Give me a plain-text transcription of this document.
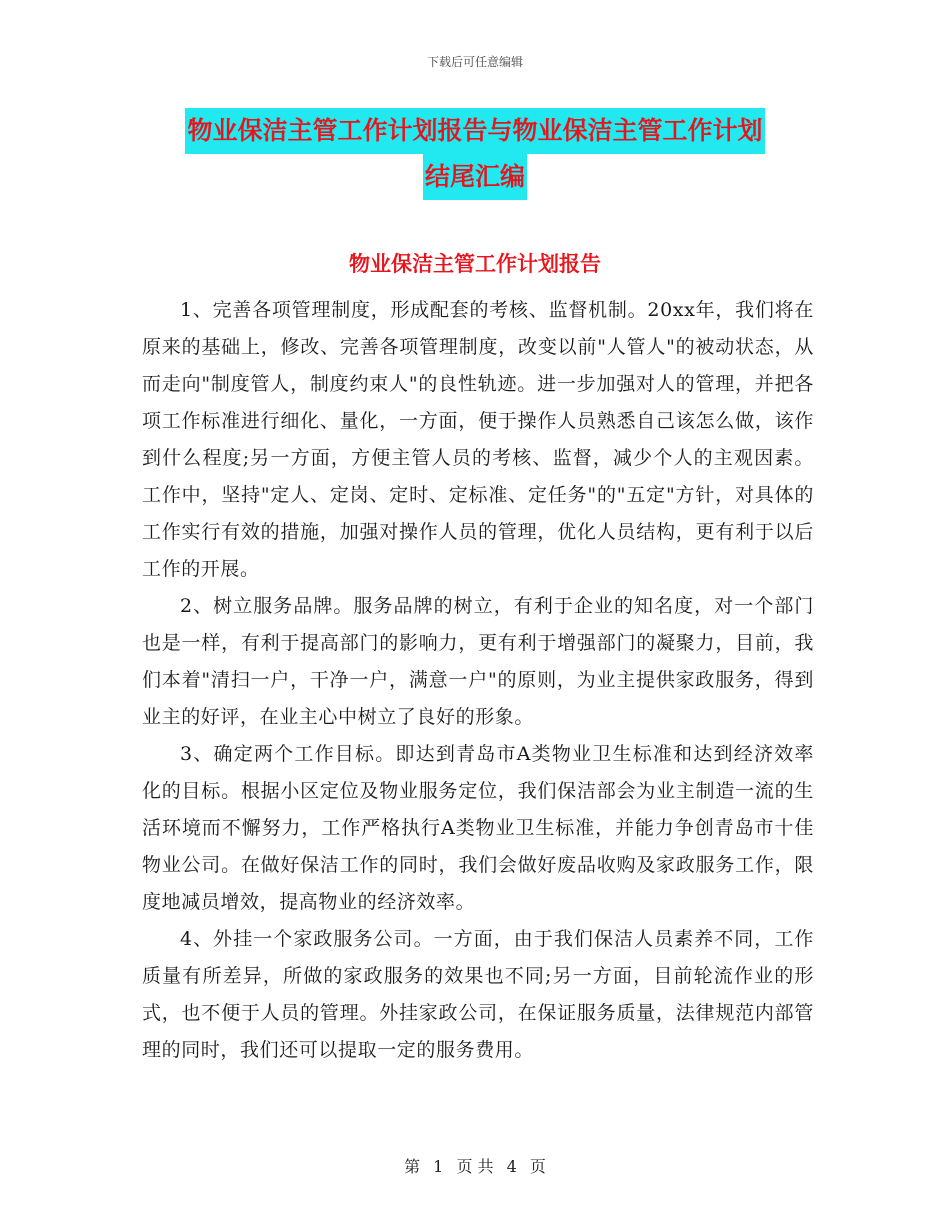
下载后可任意编辑
物业保洁主管工作计划报告与物业保洁主管工作计划
结尾汇编
物业保洁主管工作计划报告

1、完善各项管理制度，形成配套的考核、监督机制。20xx年，我们将在原来的基础上，修改、完善各项管理制度，改变以前"人管人"的被动状态，从而走向"制度管人，制度约束人"的良性轨迹。进一步加强对人的管理，并把各项工作标准进行细化、量化，一方面，便于操作人员熟悉自己该怎么做，该作到什么程度;另一方面，方便主管人员的考核、监督，减少个人的主观因素。工作中，坚持"定人、定岗、定时、定标准、定任务"的"五定"方针，对具体的工作实行有效的措施，加强对操作人员的管理，优化人员结构，更有利于以后工作的开展。

2、树立服务品牌。服务品牌的树立，有利于企业的知名度，对一个部门也是一样，有利于提高部门的影响力，更有利于增强部门的凝聚力，目前，我们本着"清扫一户，干净一户，满意一户"的原则，为业主提供家政服务，得到业主的好评，在业主心中树立了良好的形象。

3、确定两个工作目标。即达到青岛市A类物业卫生标准和达到经济效率化的目标。根据小区定位及物业服务定位，我们保洁部会为业主制造一流的生活环境而不懈努力，工作严格执行A类物业卫生标准，并能力争创青岛市十佳物业公司。在做好保洁工作的同时，我们会做好废品收购及家政服务工作，限度地减员增效，提高物业的经济效率。

4、外挂一个家政服务公司。一方面，由于我们保洁人员素养不同，工作质量有所差异，所做的家政服务的效果也不同;另一方面，目前轮流作业的形式，也不便于人员的管理。外挂家政公司，在保证服务质量，法律规范内部管理的同时，我们还可以提取一定的服务费用。

第 1 页 共 4 页
